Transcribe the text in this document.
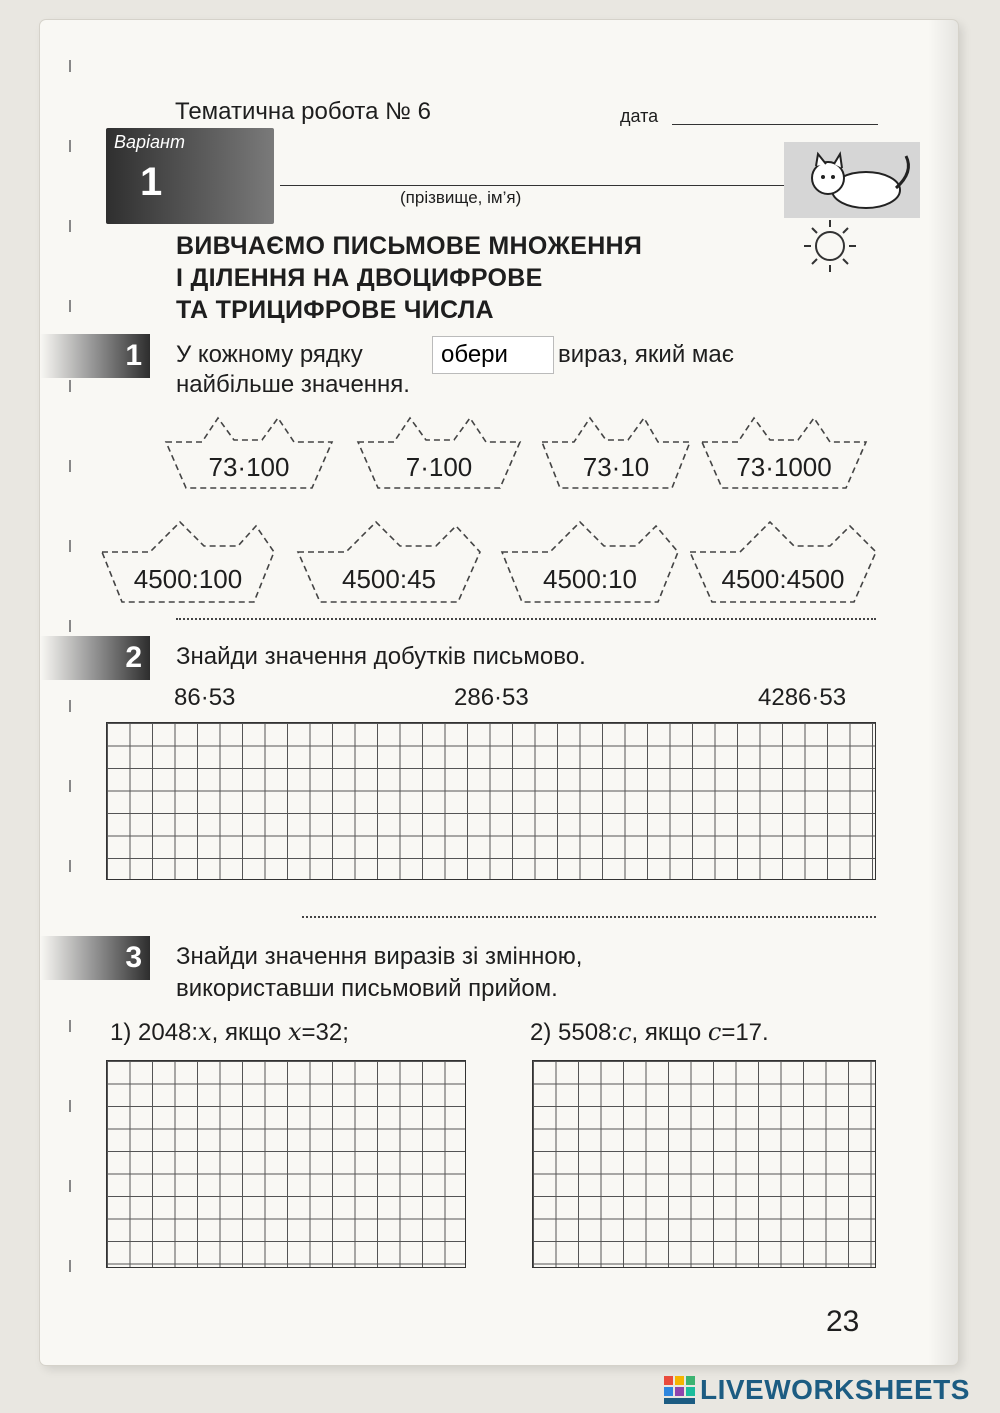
Тематична робота № 6	дата
Варіант
1	(прізвище, ім’я)
ВИВЧАЄМО ПИСЬМОВЕ МНОЖЕННЯ
І ДІЛЕННЯ НА ДВОЦИФРОВЕ
ТА ТРИЦИФРОВЕ ЧИСЛА
1	У кожному рядку
обери	вираз, який має
найбільше значення.
73·100	7·100	73·10	73·1000
4500:100	4500:45	4500:10	4500:4500
2	Знайди значення добутків письмово.
86·53	286·53	4286·53
3	Знайди значення виразів зі змінною,
використавши письмовий прийом.
1) 2048:x, якщо x=32;	2) 5508:c, якщо c=17.
23
LIVEWORKSHEETS
